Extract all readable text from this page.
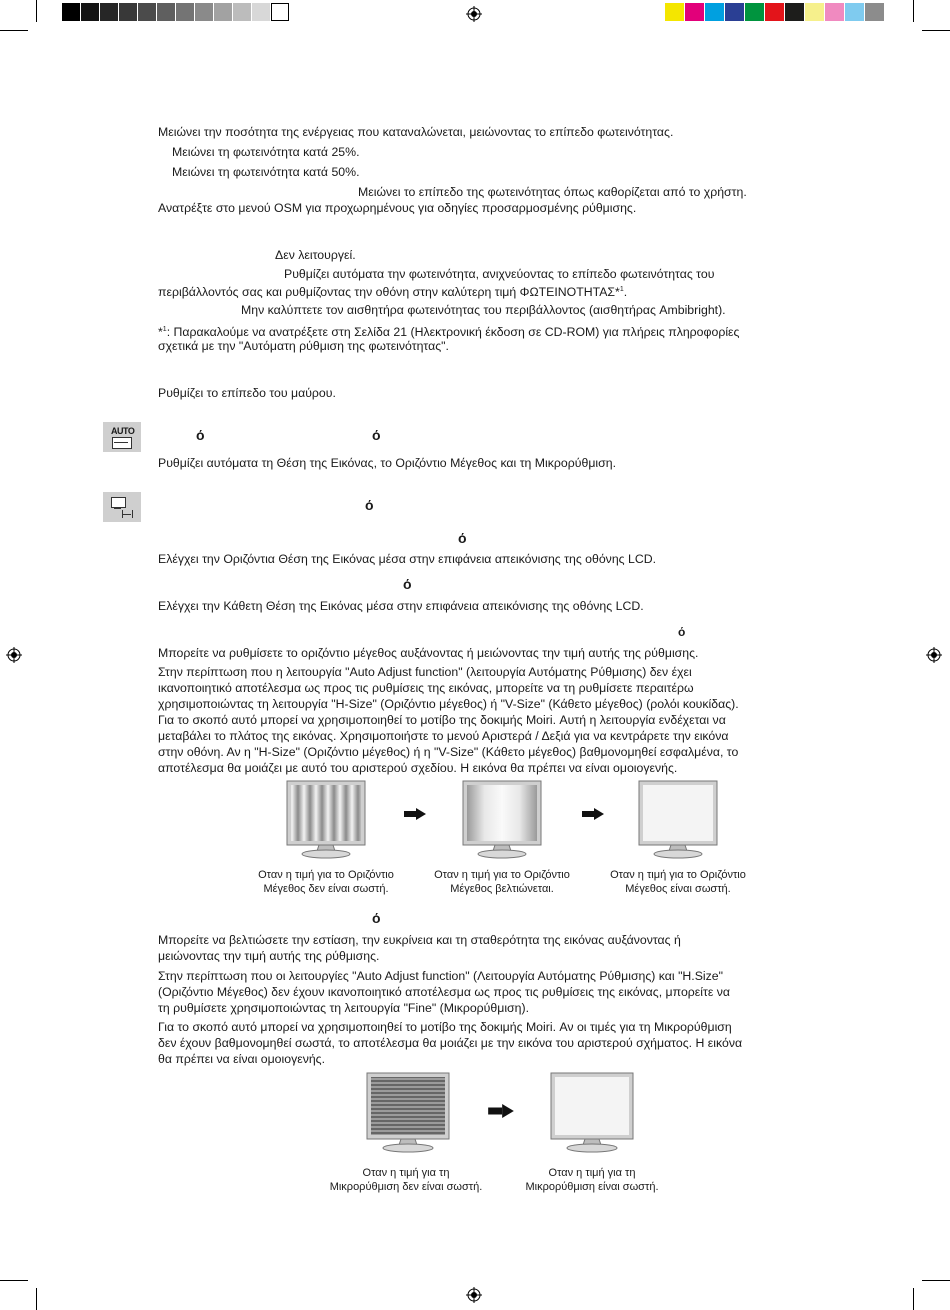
Μειώνει την ποσότητα της ενέργειας που καταναλώνεται, μειώνοντας το επίπεδο φωτεινότητας.
Μειώνει τη φωτεινότητα κατά 25%.
Μειώνει τη φωτεινότητα κατά 50%.
Μειώνει το επίπεδο της φωτεινότητας όπως καθορίζεται από το χρήστη.
Ανατρέξτε στο μενού OSM για προχωρημένους για οδηγίες προσαρμοσμένης ρύθμισης.
Δεν λειτουργεί.
Ρυθμίζει αυτόματα την φωτεινότητα, ανιχνεύοντας το επίπεδο φωτεινότητας του
περιβάλλοντός σας και ρυθμίζοντας την οθόνη στην καλύτερη τιμή ΦΩΤΕΙΝΟΤΗΤΑΣ*$^1$.
Μην καλύπτετε τον αισθητήρα φωτεινότητας του περιβάλλοντος (αισθητήρας Ambibright).
*$^1$: Παρακαλούμε να ανατρέξετε στη Σελίδα 21 (Ηλεκτρονική έκδοση σε CD-ROM) για πλήρεις πληροφορίες
σχετικά με την "Αυτόματη ρύθμιση της φωτεινότητας".
Ρυθμίζει το επίπεδο του μαύρου.
AUTO	ό	ό
Ρυθμίζει αυτόματα τη Θέση της Εικόνας, το Οριζόντιο Μέγεθος και τη Μικρορύθμιση.
ό
ό
Ελέγχει την Οριζόντια Θέση της Εικόνας μέσα στην επιφάνεια απεικόνισης της οθόνης LCD.
ό
Ελέγχει την Κάθετη Θέση της Εικόνας μέσα στην επιφάνεια απεικόνισης της οθόνης LCD.
ό
Μπορείτε να ρυθμίσετε το οριζόντιο μέγεθος αυξάνοντας ή μειώνοντας την τιμή αυτής της ρύθμισης.
Στην περίπτωση που η λειτουργία "Auto Adjust function" (λειτουργία Αυτόματης Ρύθμισης) δεν έχει
ικανοποιητικό αποτέλεσμα ως προς τις ρυθμίσεις της εικόνας, μπορείτε να τη ρυθμίσετε περαιτέρω
χρησιμοποιώντας τη λειτουργία "H-Size" (Οριζόντιο μέγεθος) ή "V-Size" (Κάθετο μέγεθος) (ρολόι κουκίδας).
Για το σκοπό αυτό μπορεί να χρησιμοποιηθεί το μοτίβο της δοκιμής Moiri. Αυτή η λειτουργία ενδέχεται να
μεταβάλει το πλάτος της εικόνας. Χρησιμοποιήστε το μενού Αριστερά / Δεξιά για να κεντράρετε την εικόνα
στην οθόνη. Αν η "H-Size" (Οριζόντιο μέγεθος) ή η "V-Size" (Κάθετο μέγεθος) βαθμονομηθεί εσφαλμένα, το
αποτέλεσμα θα μοιάζει με αυτό του αριστερού σχεδίου. Η εικόνα θα πρέπει να είναι ομοιογενής.
Οταν η τιμή για το Οριζόντιο
Μέγεθος δεν είναι σωστή.
Οταν η τιμή για το Οριζόντιο
Μέγεθος βελτιώνεται.
Οταν η τιμή για το Οριζόντιο
Μέγεθος είναι σωστή.
ό
Μπορείτε να βελτιώσετε την εστίαση, την ευκρίνεια και τη σταθερότητα της εικόνας αυξάνοντας ή
μειώνοντας την τιμή αυτής της ρύθμισης.
Στην περίπτωση που οι λειτουργίες "Auto Adjust function" (Λειτουργία Αυτόματης Ρύθμισης) και "H.Size"
(Οριζόντιο Μέγεθος) δεν έχουν ικανοποιητικό αποτέλεσμα ως προς τις ρυθμίσεις της εικόνας, μπορείτε να
τη ρυθμίσετε χρησιμοποιώντας τη λειτουργία "Fine" (Μικρορύθμιση).
Για το σκοπό αυτό μπορεί να χρησιμοποιηθεί το μοτίβο της δοκιμής Moiri. Αν οι τιμές για τη Μικρορύθμιση
δεν έχουν βαθμονομηθεί σωστά, το αποτέλεσμα θα μοιάζει με την εικόνα του αριστερού σχήματος. Η εικόνα
θα πρέπει να είναι ομοιογενής.
Οταν η τιμή για τη
Μικρορύθμιση δεν είναι σωστή.
Οταν η τιμή για τη
Μικρορύθμιση είναι σωστή.
